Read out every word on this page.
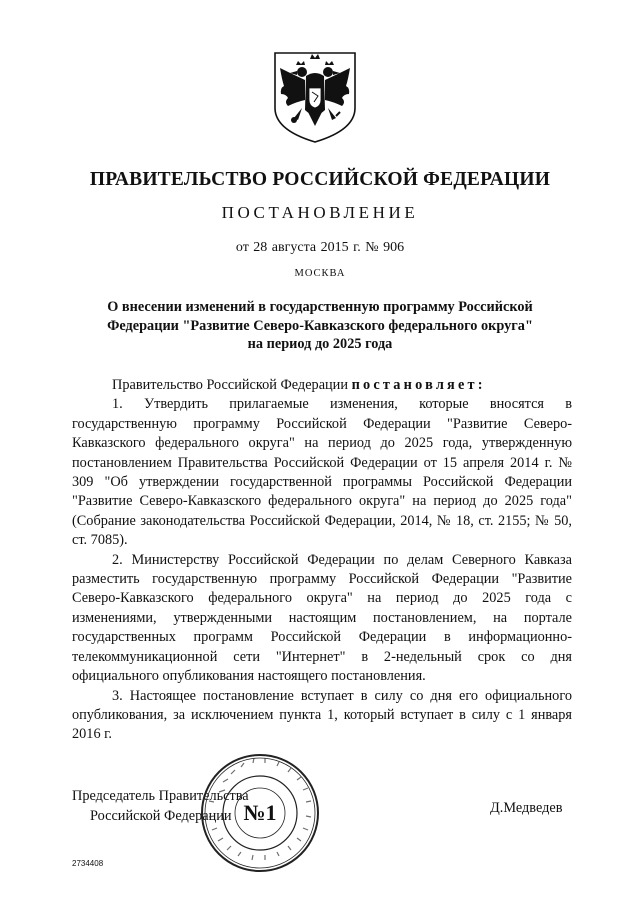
ПРАВИТЕЛЬСТВО РОССИЙСКОЙ ФЕДЕРАЦИИ
ПОСТАНОВЛЕНИЕ
от 28 августа 2015 г. № 906
МОСКВА
О внесении изменений в государственную программу Российской Федерации "Развитие Северо-Кавказского федерального округа" на период до 2025 года

Правительство Российской Федерации постановляет:

1. Утвердить прилагаемые изменения, которые вносятся в государственную программу Российской Федерации "Развитие Северо-Кавказского федерального округа" на период до 2025 года, утвержденную постановлением Правительства Российской Федерации от 15 апреля 2014 г. № 309 "Об утверждении государственной программы Российской Федерации "Развитие Северо-Кавказского федерального округа" на период до 2025 года" (Собрание законодательства Российской Федерации, 2014, № 18, ст. 2155; № 50, ст. 7085).

2. Министерству Российской Федерации по делам Северного Кавказа разместить государственную программу Российской Федерации "Развитие Северо-Кавказского федерального округа" на период до 2025 года с изменениями, утвержденными настоящим постановлением, на портале государственных программ Российской Федерации в информационно-телекоммуникационной сети "Интернет" в 2-недельный срок со дня официального опубликования настоящего постановления.

3. Настоящее постановление вступает в силу со дня его официального опубликования, за исключением пункта 1, который вступает в силу с 1 января 2016 г.

Председатель Правительства
Российской Федерации №1	Д.Медведев
2734408
